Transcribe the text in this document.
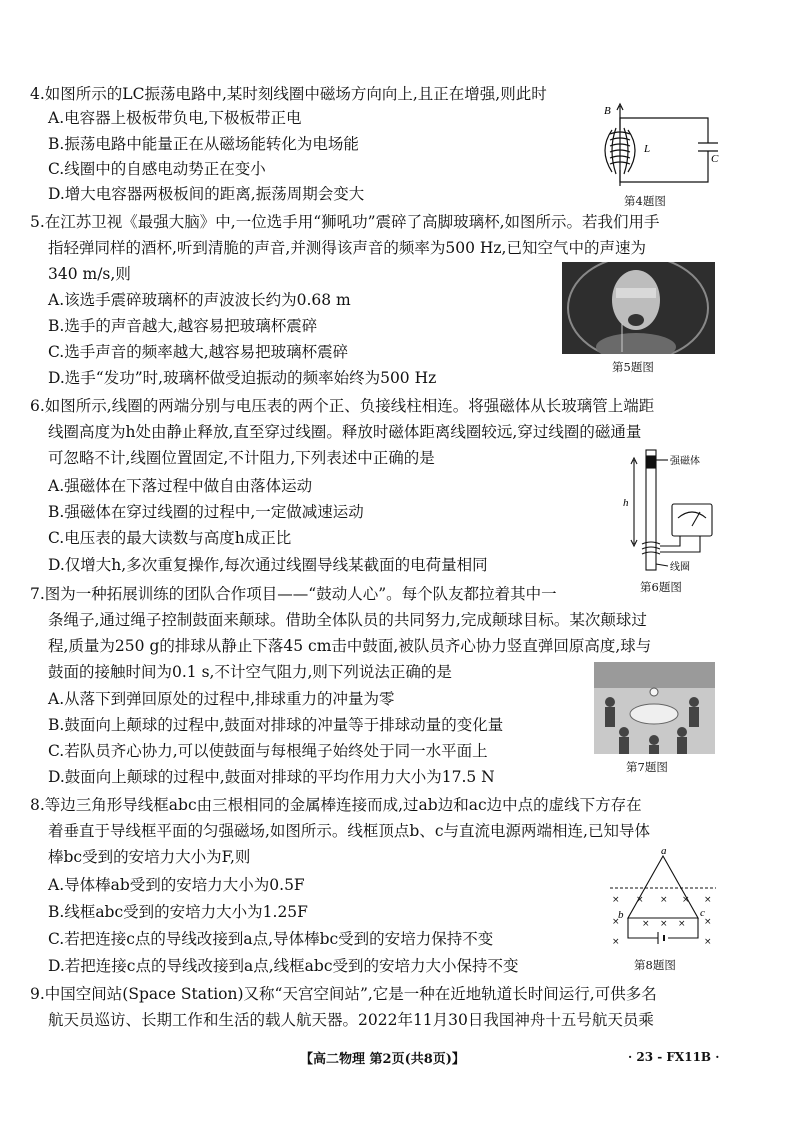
4.如图所示的LC振荡电路中,某时刻线圈中磁场方向向上,且正在增强,则此时
A.电容器上极板带负电,下极板带正电
B.振荡电路中能量正在从磁场能转化为电场能
C.线圈中的自感电动势正在变小
D.增大电容器两极板间的距离,振荡周期会变大
B
L
C
第4题图
5.在江苏卫视《最强大脑》中,一位选手用“狮吼功”震碎了高脚玻璃杯,如图所示。若我们用手
指轻弹同样的酒杯,听到清脆的声音,并测得该声音的频率为500 Hz,已知空气中的声速为
340 m/s,则
A.该选手震碎玻璃杯的声波波长约为0.68 m
B.选手的声音越大,越容易把玻璃杯震碎
C.选手声音的频率越大,越容易把玻璃杯震碎
D.选手“发功”时,玻璃杯做受迫振动的频率始终为500 Hz
第5题图
6.如图所示,线圈的两端分别与电压表的两个正、负接线柱相连。将强磁体从长玻璃管上端距
线圈高度为h处由静止释放,直至穿过线圈。释放时磁体距离线圈较远,穿过线圈的磁通量
可忽略不计,线圈位置固定,不计阻力,下列表述中正确的是
A.强磁体在下落过程中做自由落体运动
B.强磁体在穿过线圈的过程中,一定做减速运动
C.电压表的最大读数与高度h成正比
D.仅增大h,多次重复操作,每次通过线圈导线某截面的电荷量相同
强磁体
h
线圈
第6题图
7.图为一种拓展训练的团队合作项目——“鼓动人心”。每个队友都拉着其中一
条绳子,通过绳子控制鼓面来颠球。借助全体队员的共同努力,完成颠球目标。某次颠球过
程,质量为250 g的排球从静止下落45 cm击中鼓面,被队员齐心协力竖直弹回原高度,球与
鼓面的接触时间为0.1 s,不计空气阻力,则下列说法正确的是
A.从落下到弹回原处的过程中,排球重力的冲量为零
B.鼓面向上颠球的过程中,鼓面对排球的冲量等于排球动量的变化量
C.若队员齐心协力,可以使鼓面与每根绳子始终处于同一水平面上
D.鼓面向上颠球的过程中,鼓面对排球的平均作用力大小为17.5 N
第7题图
8.等边三角形导线框abc由三根相同的金属棒连接而成,过ab边和ac边中点的虚线下方存在
着垂直于导线框平面的匀强磁场,如图所示。线框顶点b、c与直流电源两端相连,已知导体
棒bc受到的安培力大小为F,则
A.导体棒ab受到的安培力大小为0.5F
B.线框abc受到的安培力大小为1.25F
C.若把连接c点的导线改接到a点,导体棒bc受到的安培力保持不变
D.若把连接c点的导线改接到a点,线框abc受到的安培力大小保持不变
× × × × ×
× × × × ×
×	×
a
b	c
第8题图
9.中国空间站(Space Station)又称“天宫空间站”,它是一种在近地轨道长时间运行,可供多名
航天员巡访、长期工作和生活的载人航天器。2022年11月30日我国神舟十五号航天员乘
【高二物理 第2页(共8页)】	· 23 - FX11B ·
